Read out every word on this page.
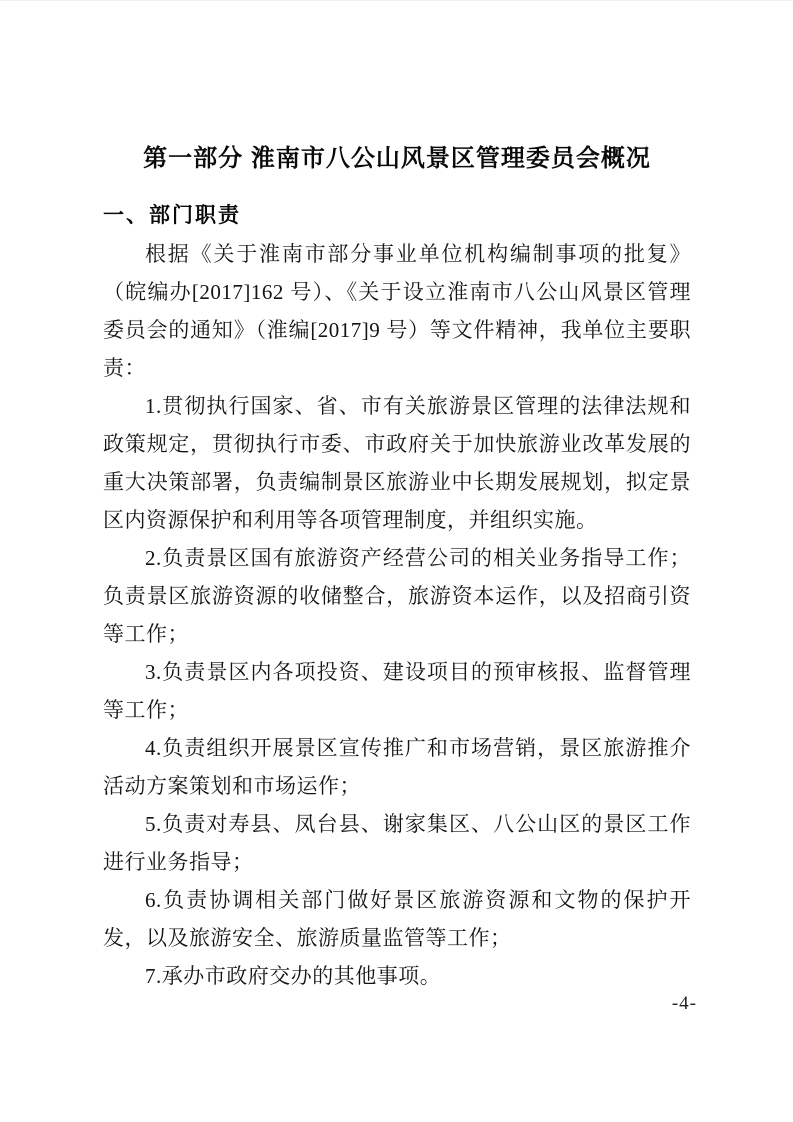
第一部分 淮南市八公山风景区管理委员会概况
一、部门职责

根据《关于淮南市部分事业单位机构编制事项的批复》（皖编办[2017]162 号）、《关于设立淮南市八公山风景区管理委员会的通知》（淮编[2017]9 号）等文件精神，我单位主要职责：

1.贯彻执行国家、省、市有关旅游景区管理的法律法规和政策规定，贯彻执行市委、市政府关于加快旅游业改革发展的重大决策部署，负责编制景区旅游业中长期发展规划，拟定景区内资源保护和利用等各项管理制度，并组织实施。

2.负责景区国有旅游资产经营公司的相关业务指导工作；负责景区旅游资源的收储整合，旅游资本运作，以及招商引资等工作；

3.负责景区内各项投资、建设项目的预审核报、监督管理等工作；

4.负责组织开展景区宣传推广和市场营销，景区旅游推介活动方案策划和市场运作；

5.负责对寿县、凤台县、谢家集区、八公山区的景区工作进行业务指导；

6.负责协调相关部门做好景区旅游资源和文物的保护开发，以及旅游安全、旅游质量监管等工作；

7.承办市政府交办的其他事项。

-4-
